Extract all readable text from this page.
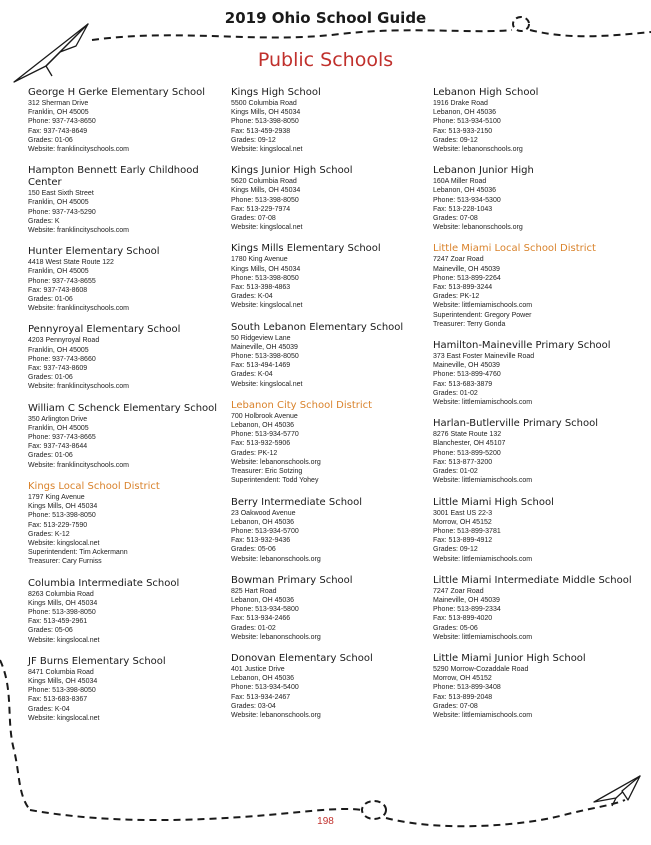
2019 Ohio School Guide
Public Schools
George H Gerke Elementary School
312 Sherman Drive
Franklin, OH 45005
Phone: 937-743-8650
Fax: 937-743-8649
Grades: 01-06
Website: franklincityschools.com
Hampton Bennett Early Childhood Center
150 East Sixth Street
Franklin, OH 45005
Phone: 937-743-5290
Grades: K
Website: franklincityschools.com
Hunter Elementary School
4418 West State Route 122
Franklin, OH 45005
Phone: 937-743-8655
Fax: 937-743-8608
Grades: 01-06
Website: franklincityschools.com
Pennyroyal Elementary School
4203 Pennyroyal Road
Franklin, OH 45005
Phone: 937-743-8660
Fax: 937-743-8609
Grades: 01-06
Website: franklincityschools.com
William C Schenck Elementary School
350 Arlington Drive
Franklin, OH 45005
Phone: 937-743-8665
Fax: 937-743-8644
Grades: 01-06
Website: franklincityschools.com
Kings Local School District
1797 King Avenue
Kings Mills, OH 45034
Phone: 513-398-8050
Fax: 513-229-7590
Grades: K-12
Website: kingslocal.net
Superintendent: Tim Ackermann
Treasurer: Cary Furniss
Columbia Intermediate School
8263 Columbia Road
Kings Mills, OH 45034
Phone: 513-398-8050
Fax: 513-459-2961
Grades: 05-06
Website: kingslocal.net
JF Burns Elementary School
8471 Columbia Road
Kings Mills, OH 45034
Phone: 513-398-8050
Fax: 513-683-8367
Grades: K-04
Website: kingslocal.net
Kings High School
5500 Columbia Road
Kings Mills, OH 45034
Phone: 513-398-8050
Fax: 513-459-2938
Grades: 09-12
Website: kingslocal.net
Kings Junior High School
5620 Columbia Road
Kings Mills, OH 45034
Phone: 513-398-8050
Fax: 513-229-7974
Grades: 07-08
Website: kingslocal.net
Kings Mills Elementary School
1780 King Avenue
Kings Mills, OH 45034
Phone: 513-398-8050
Fax: 513-398-4863
Grades: K-04
Website: kingslocal.net
South Lebanon Elementary School
50 Ridgeview Lane
Maineville, OH 45039
Phone: 513-398-8050
Fax: 513-494-1469
Grades: K-04
Website: kingslocal.net
Lebanon City School District
700 Holbrook Avenue
Lebanon, OH 45036
Phone: 513-934-5770
Fax: 513-932-5906
Grades: PK-12
Website: lebanonschools.org
Treasurer: Eric Sotzing
Superintendent: Todd Yohey
Berry Intermediate School
23 Oakwood Avenue
Lebanon, OH 45036
Phone: 513-934-5700
Fax: 513-932-9436
Grades: 05-06
Website: lebanonschools.org
Bowman Primary School
825 Hart Road
Lebanon, OH 45036
Phone: 513-934-5800
Fax: 513-934-2466
Grades: 01-02
Website: lebanonschools.org
Donovan Elementary School
401 Justice Drive
Lebanon, OH 45036
Phone: 513-934-5400
Fax: 513-934-2467
Grades: 03-04
Website: lebanonschools.org
Lebanon High School
1916 Drake Road
Lebanon, OH 45036
Phone: 513-934-5100
Fax: 513-933-2150
Grades: 09-12
Website: lebanonschools.org
Lebanon Junior High
160A Miller Road
Lebanon, OH 45036
Phone: 513-934-5300
Fax: 513-228-1043
Grades: 07-08
Website: lebanonschools.org
Little Miami Local School District
7247 Zoar Road
Maineville, OH 45039
Phone: 513-899-2264
Fax: 513-899-3244
Grades: PK-12
Website: littlemiamischools.com
Superintendent: Gregory Power
Treasurer: Terry Gonda
Hamilton-Maineville Primary School
373 East Foster Maineville Road
Maineville, OH 45039
Phone: 513-899-4760
Fax: 513-683-3879
Grades: 01-02
Website: littlemiamischools.com
Harlan-Butlerville Primary School
8276 State Route 132
Blanchester, OH 45107
Phone: 513-899-5200
Fax: 513-877-3200
Grades: 01-02
Website: littlemiamischools.com
Little Miami High School
3001 East US 22-3
Morrow, OH 45152
Phone: 513-899-3781
Fax: 513-899-4912
Grades: 09-12
Website: littlemiamischools.com
Little Miami Intermediate Middle School
7247 Zoar Road
Maineville, OH 45039
Phone: 513-899-2334
Fax: 513-899-4020
Grades: 05-06
Website: littlemiamischools.com
Little Miami Junior High School
5290 Morrow-Cozaddale Road
Morrow, OH 45152
Phone: 513-899-3408
Fax: 513-899-2048
Grades: 07-08
Website: littlemiamischools.com
198
